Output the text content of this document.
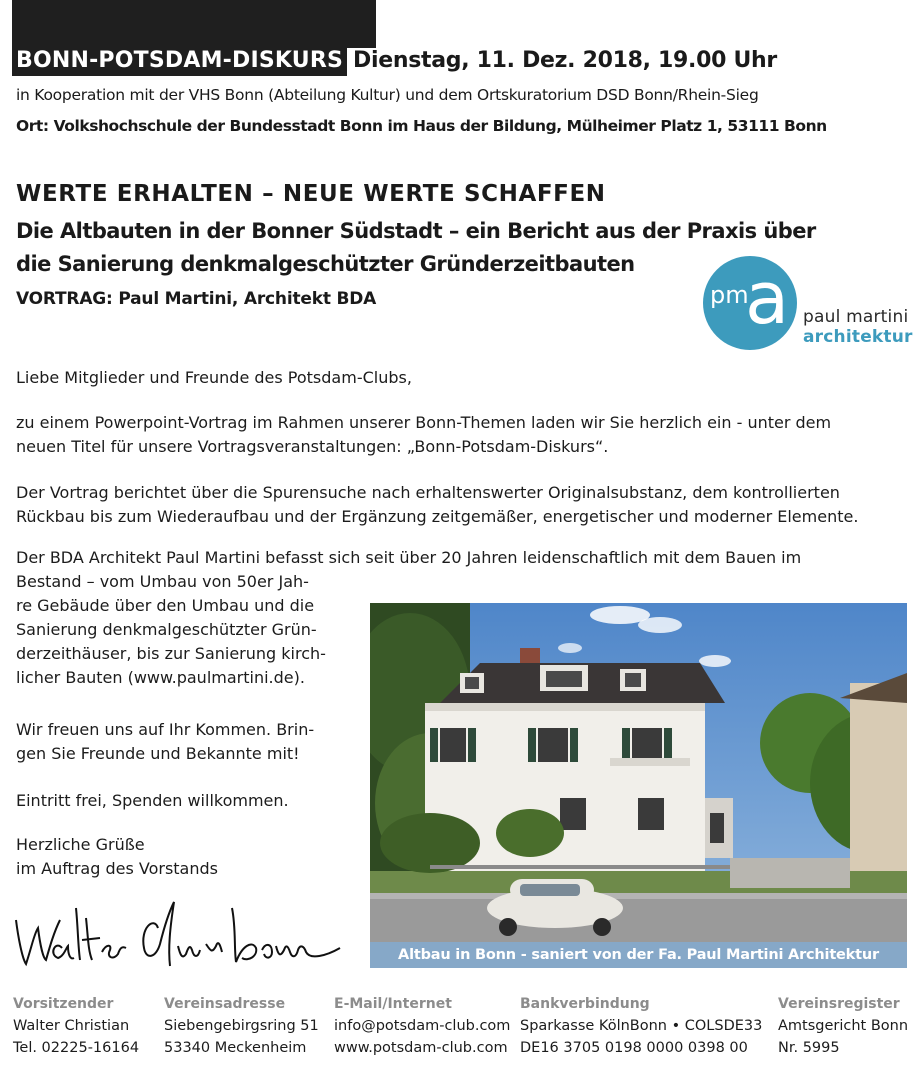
BONN-POTSDAM-DISKURS Dienstag, 11. Dez. 2018, 19.00 Uhr
in Kooperation mit der VHS Bonn (Abteilung Kultur) und dem Ortskuratorium DSD Bonn/Rhein-Sieg
Ort: Volkshochschule der Bundesstadt Bonn im Haus der Bildung, Mülheimer Platz 1, 53111 Bonn
WERTE ERHALTEN – NEUE WERTE SCHAFFEN
Die Altbauten in der Bonner Südstadt – ein Bericht aus der Praxis über
die Sanierung denkmalgeschützter Gründerzeitbauten
VORTRAG: Paul Martini, Architekt BDA	pm
a paul martini
architektur
Liebe Mitglieder und Freunde des Potsdam-Clubs,
zu einem Powerpoint-Vortrag im Rahmen unserer Bonn-Themen laden wir Sie herzlich ein - unter dem
neuen Titel für unsere Vortragsveranstaltungen: „Bonn-Potsdam-Diskurs“.
Der Vortrag berichtet über die Spurensuche nach erhaltenswerter Originalsubstanz, dem kontrollierten
Rückbau bis zum Wiederaufbau und der Ergänzung zeitgemäßer, energetischer und moderner Elemente.
Der BDA Architekt Paul Martini befasst sich seit über 20 Jahren leidenschaftlich mit dem Bauen im
Bestand – vom Umbau von 50er Jah-
re Gebäude über den Umbau und die
Sanierung denkmalgeschützter Grün-
derzeithäuser, bis zur Sanierung kirch-
licher Bauten (www.paulmartini.de).
Wir freuen uns auf Ihr Kommen. Brin-
gen Sie Freunde und Bekannte mit!
Eintritt frei, Spenden willkommen.
Herzliche Grüße
im Auftrag des Vorstands
Altbau in Bonn - saniert von der Fa. Paul Martini Architektur
Vorsitzender
Walter Christian
Tel. 02225-16164
Vereinsadresse
Siebengebirgsring 51
53340 Meckenheim
E-Mail/Internet
info@potsdam-club.com
www.potsdam-club.com
Bankverbindung
Sparkasse KölnBonn • COLSDE33
DE16 3705 0198 0000 0398 00
Vereinsregister
Amtsgericht Bonn
Nr. 5995
